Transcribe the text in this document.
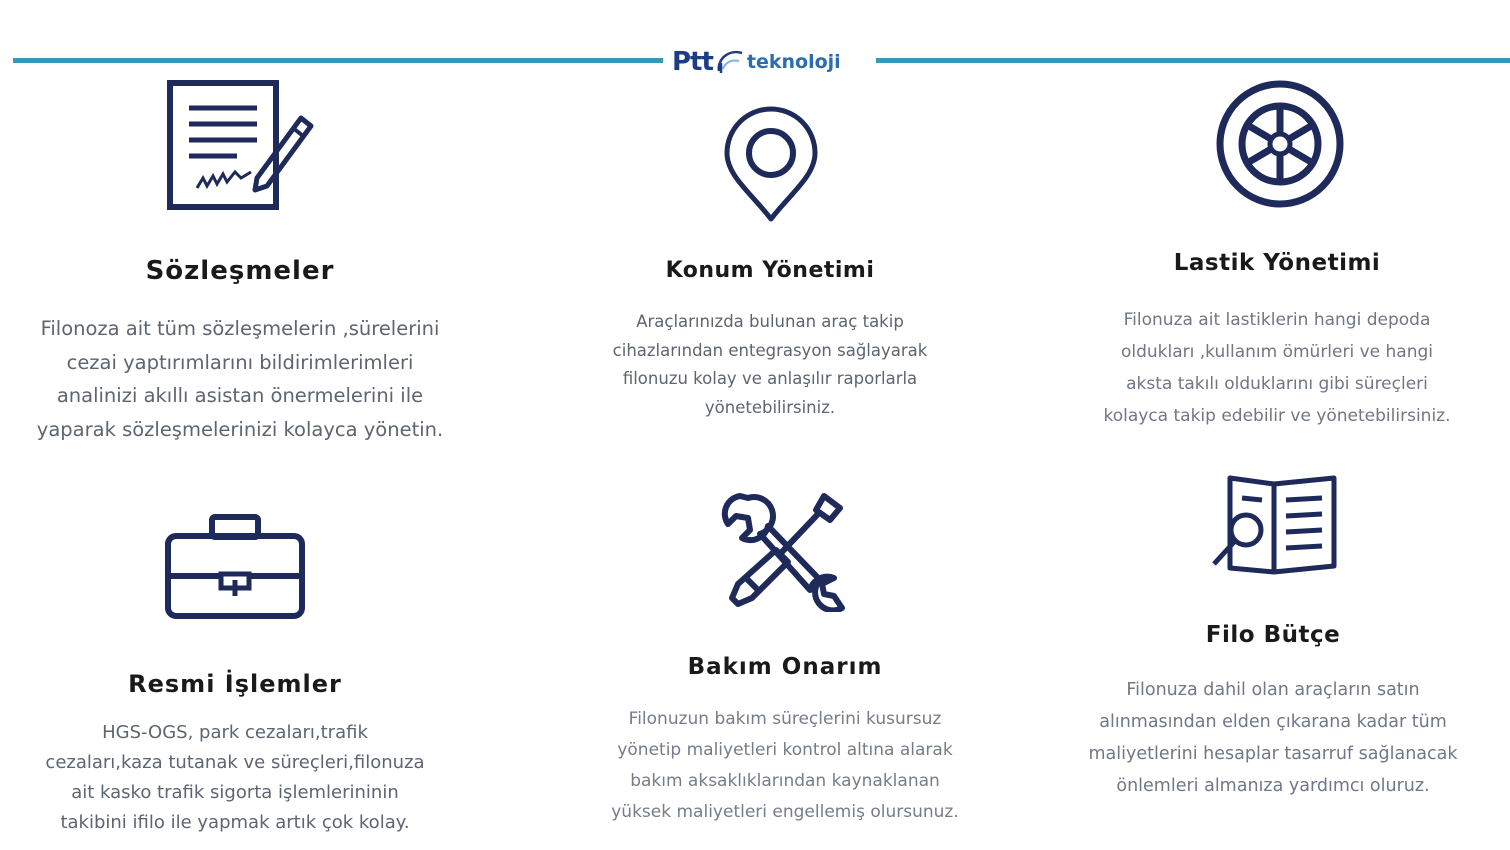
Ptt teknoloji
Sözleşmeler
Filonoza ait tüm sözleşmelerin ,sürelerini
cezai yaptırımlarını bildirimlerimleri
analinizi akıllı asistan önermelerini ile
yaparak sözleşmelerinizi kolayca yönetin.
Konum Yönetimi
Araçlarınızda bulunan araç takip
cihazlarından entegrasyon sağlayarak
filonuzu kolay ve anlaşılır raporlarla
yönetebilirsiniz.
Lastik Yönetimi
Filonuza ait lastiklerin hangi depoda
oldukları ,kullanım ömürleri ve hangi
aksta takılı olduklarını gibi süreçleri
kolayca takip edebilir ve yönetebilirsiniz.
Resmi İşlemler
HGS-OGS, park cezaları,trafik
cezaları,kaza tutanak ve süreçleri,filonuza
ait kasko trafik sigorta işlemlerininin
takibini ifilo ile yapmak artık çok kolay.
Bakım Onarım
Filonuzun bakım süreçlerini kusursuz
yönetip maliyetleri kontrol altına alarak
bakım aksaklıklarından kaynaklanan
yüksek maliyetleri engellemiş olursunuz.
Filo Bütçe
Filonuza dahil olan araçların satın
alınmasından elden çıkarana kadar tüm
maliyetlerini hesaplar tasarruf sağlanacak
önlemleri almanıza yardımcı oluruz.
